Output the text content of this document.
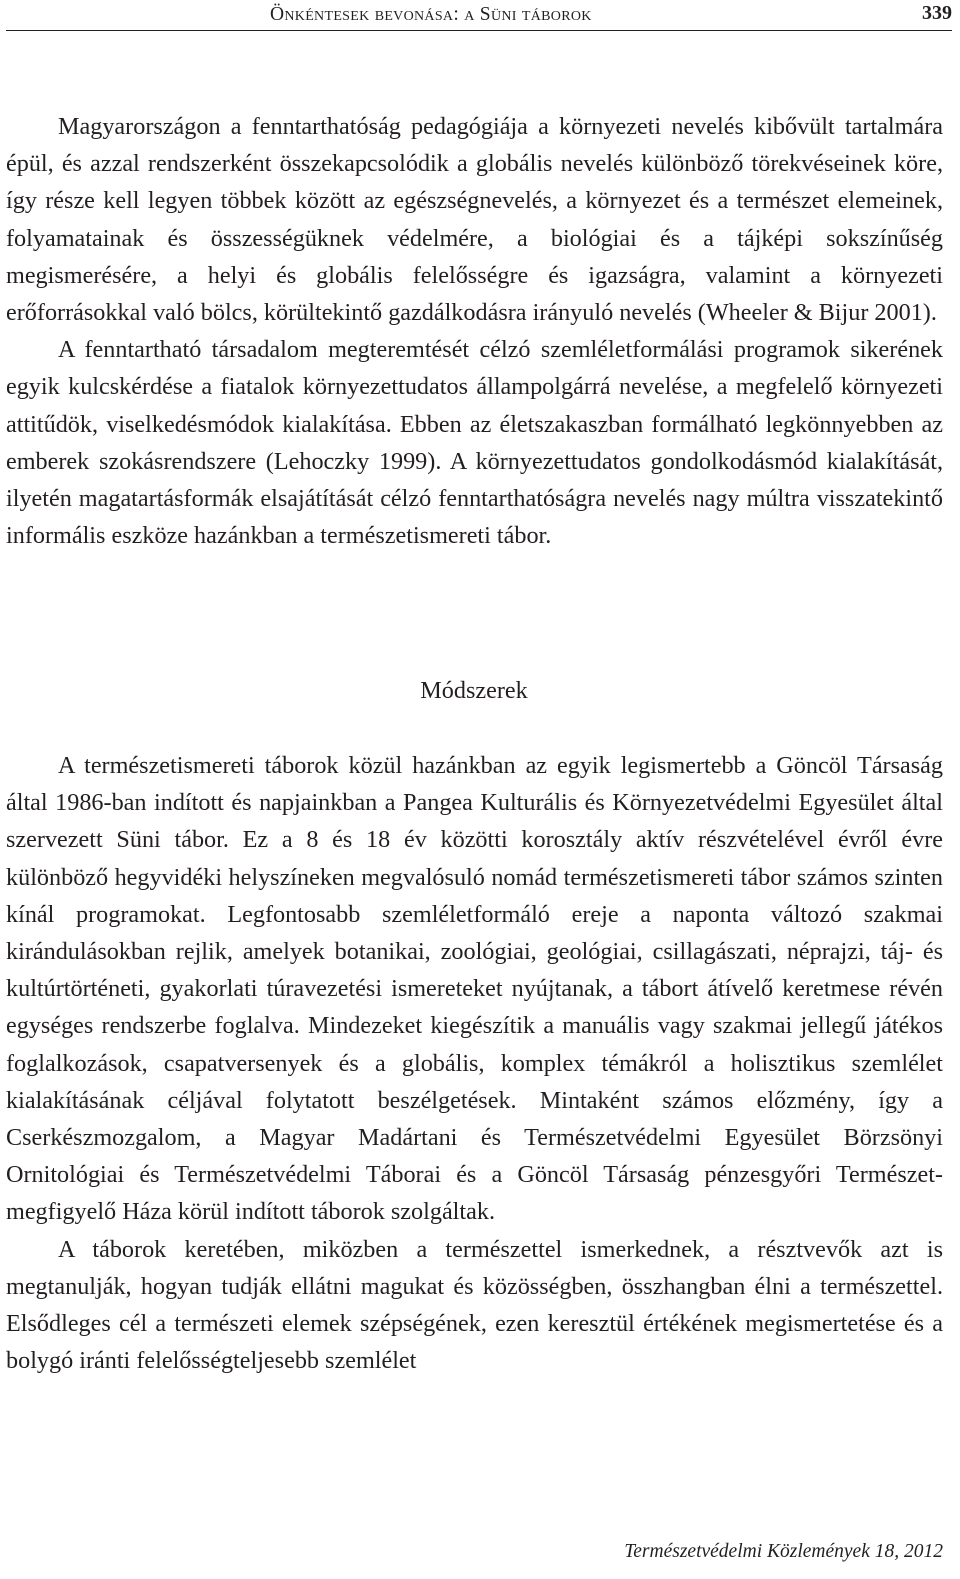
Önkéntesek bevonása: a Süni táborok	339

Magyarországon a fenntarthatóság pedagógiája a környezeti nevelés kibővült tartalmára épül, és azzal rendszerként összekapcsolódik a globális nevelés különböző törekvéseinek köre, így része kell legyen többek között az egészségnevelés, a környezet és a természet elemeinek, folyamatainak és összességüknek védelmére, a biológiai és a tájképi sokszínűség megismerésére, a helyi és globális felelősségre és igazságra, valamint a környezeti erőforrásokkal való bölcs, körültekintő gazdálkodásra irányuló nevelés (Wheeler & Bijur 2001).

A fenntartható társadalom megteremtését célzó szemléletformálási programok sikerének egyik kulcskérdése a fiatalok környezettudatos állampolgárrá nevelése, a megfelelő környezeti attitűdök, viselkedésmódok kialakítása. Ebben az életszakaszban formálható legkönnyebben az emberek szokásrendszere (Lehoczky 1999). A környezettudatos gondolkodásmód kialakítását, ilyetén magatartásformák elsajátítását célzó fenntarthatóságra nevelés nagy múltra visszatekintő informális eszköze hazánkban a természetismereti tábor.

Módszerek

A természetismereti táborok közül hazánkban az egyik legismertebb a Göncöl Társaság által 1986-ban indított és napjainkban a Pangea Kulturális és Környezetvédelmi Egyesület által szervezett Süni tábor. Ez a 8 és 18 év közötti korosztály aktív részvételével évről évre különböző hegyvidéki helyszíneken megvalósuló nomád természetismereti tábor számos szinten kínál programokat. Legfontosabb szemléletformáló ereje a naponta változó szakmai kirándulásokban rejlik, amelyek botanikai, zoológiai, geológiai, csillagászati, néprajzi, táj- és kultúrtörténeti, gyakorlati túravezetési ismereteket nyújtanak, a tábort átívelő keretmese révén egységes rendszerbe foglalva. Mindezeket kiegészítik a manuális vagy szakmai jellegű játékos foglalkozások, csapatversenyek és a globális, komplex témákról a holisztikus szemlélet kialakításának céljával folytatott beszélgetések. Mintaként számos előzmény, így a Cserkészmozgalom, a Magyar Madártani és Természetvédelmi Egyesület Börzsönyi Ornitológiai és Természetvédelmi Táborai és a Göncöl Társaság pénzesgyőri Természet-megfigyelő Háza körül indított táborok szolgáltak.

A táborok keretében, miközben a természettel ismerkednek, a résztvevők azt is megtanulják, hogyan tudják ellátni magukat és közösségben, összhangban élni a természettel. Elsődleges cél a természeti elemek szépségének, ezen keresztül értékének megismertetése és a bolygó iránti felelősségteljesebb szemlélet

Természetvédelmi Közlemények 18, 2012
